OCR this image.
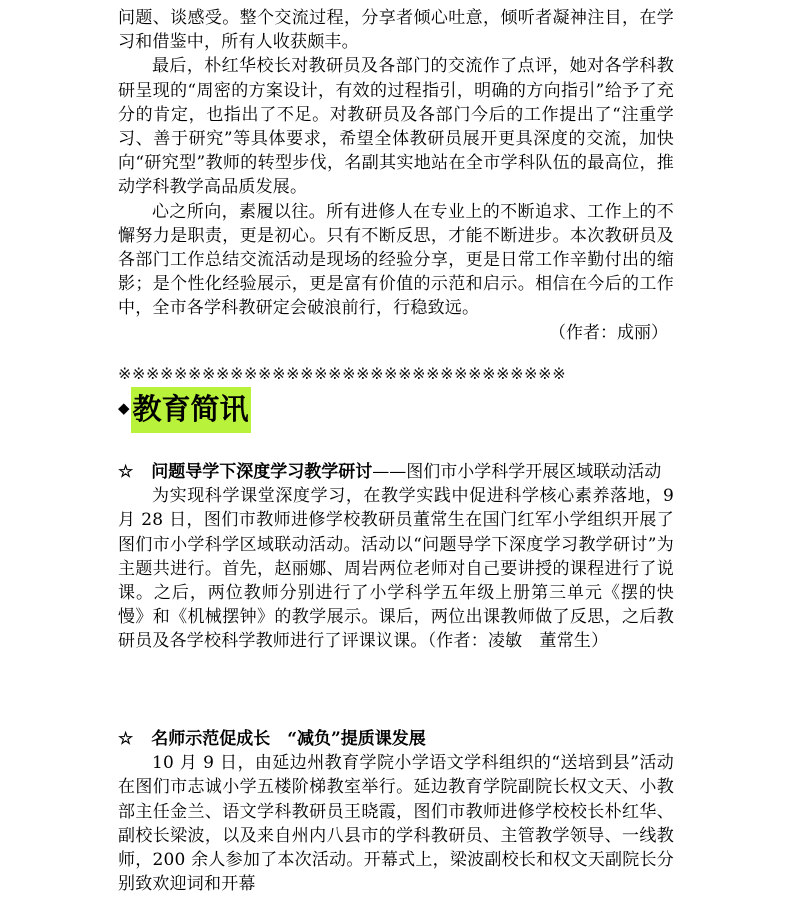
问题、谈感受。整个交流过程，分享者倾心吐意，倾听者凝神注目，在学习和借鉴中，所有人收获颇丰。

最后，朴红华校长对教研员及各部门的交流作了点评，她对各学科教研呈现的“周密的方案设计，有效的过程指引，明确的方向指引”给予了充分的肯定，也指出了不足。对教研员及各部门今后的工作提出了“注重学习、善于研究”等具体要求，希望全体教研员展开更具深度的交流，加快向“研究型”教师的转型步伐，名副其实地站在全市学科队伍的最高位，推动学科教学高品质发展。

心之所向，素履以往。所有进修人在专业上的不断追求、工作上的不懈努力是职责，更是初心。只有不断反思，才能不断进步。本次教研员及各部门工作总结交流活动是现场的经验分享，更是日常工作辛勤付出的缩影；是个性化经验展示，更是富有价值的示范和启示。相信在今后的工作中，全市各学科教研定会破浪前行，行稳致远。

（作者：成丽）

※※※※※※※※※※※※※※※※※※※※※※※※※※※※※※※※
◆ 教育简讯

☆ 问题导学下深度学习教学研讨——图们市小学科学开展区域联动活动

为实现科学课堂深度学习，在教学实践中促进科学核心素养落地，9 月 28 日，图们市教师进修学校教研员董常生在国门红军小学组织开展了图们市小学科学区域联动活动。活动以“问题导学下深度学习教学研讨”为主题共进行。首先，赵丽娜、周岩两位老师对自己要讲授的课程进行了说课。之后，两位教师分别进行了小学科学五年级上册第三单元《摆的快慢》和《机械摆钟》的教学展示。课后，两位出课教师做了反思，之后教研员及各学校科学教师进行了评课议课。（作者：凌敏　董常生）

☆ 名师示范促成长　“减负”提质课发展

10 月 9 日，由延边州教育学院小学语文学科组织的“送培到县”活动在图们市志诚小学五楼阶梯教室举行。延边教育学院副院长权文天、小教部主任金兰、语文学科教研员王晓霞，图们市教师进修学校校长朴红华、副校长梁波，以及来自州内八县市的学科教研员、主管教学领导、一线教师，200 余人参加了本次活动。开幕式上，梁波副校长和权文天副院长分别致欢迎词和开幕
